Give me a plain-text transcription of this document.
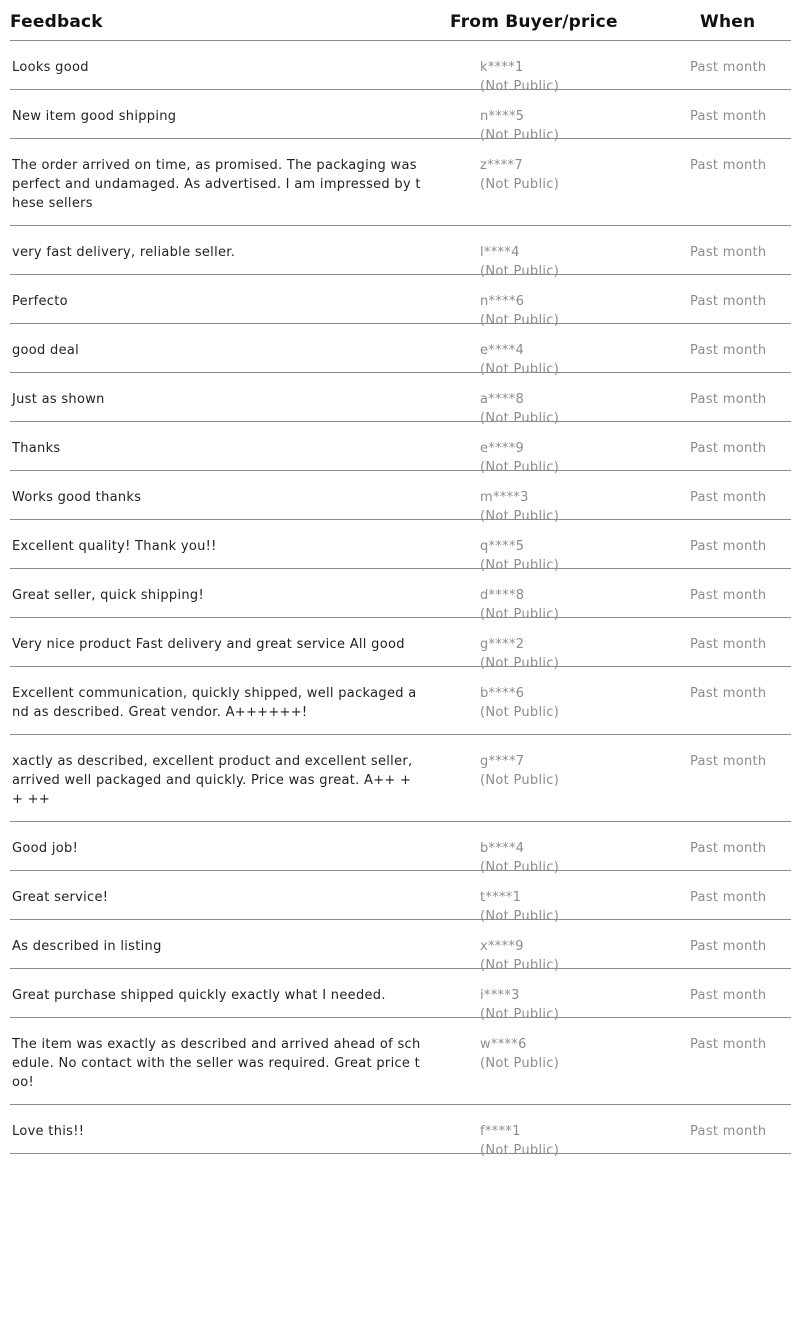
Feedback	From Buyer/price	When
Looks good	k****1
(Not Public)
Past month
New item good shipping	n****5
(Not Public)
Past month
The order arrived on time, as promised. The packaging was perfect and undamaged. As advertised. I am impressed by these sellers
z****7
(Not Public)
Past month
very fast delivery, reliable seller.	l****4
(Not Public)
Past month
Perfecto	n****6
(Not Public)
Past month
good deal	e****4
(Not Public)
Past month
Just as shown	a****8
(Not Public)
Past month
Thanks	e****9
(Not Public)
Past month
Works good thanks	m****3
(Not Public)
Past month
Excellent quality! Thank you!!	q****5
(Not Public)
Past month
Great seller, quick shipping!	d****8
(Not Public)
Past month
Very nice product Fast delivery and great service All good	g****2
(Not Public)
Past month
Excellent communication, quickly shipped, well packaged and as described. Great vendor. A++++++!
b****6
(Not Public)
Past month
xactly as described, excellent product and excellent seller, arrived well packaged and quickly. Price was great. A++ ++ ++
g****7
(Not Public)
Past month
Good job!	b****4
(Not Public)
Past month
Great service!	t****1
(Not Public)
Past month
As described in listing	x****9
(Not Public)
Past month
Great purchase shipped quickly exactly what I needed.	i****3
(Not Public)
Past month
The item was exactly as described and arrived ahead of schedule. No contact with the seller was required. Great price too!
w****6
(Not Public)
Past month
Love this!!	f****1
(Not Public)
Past month
